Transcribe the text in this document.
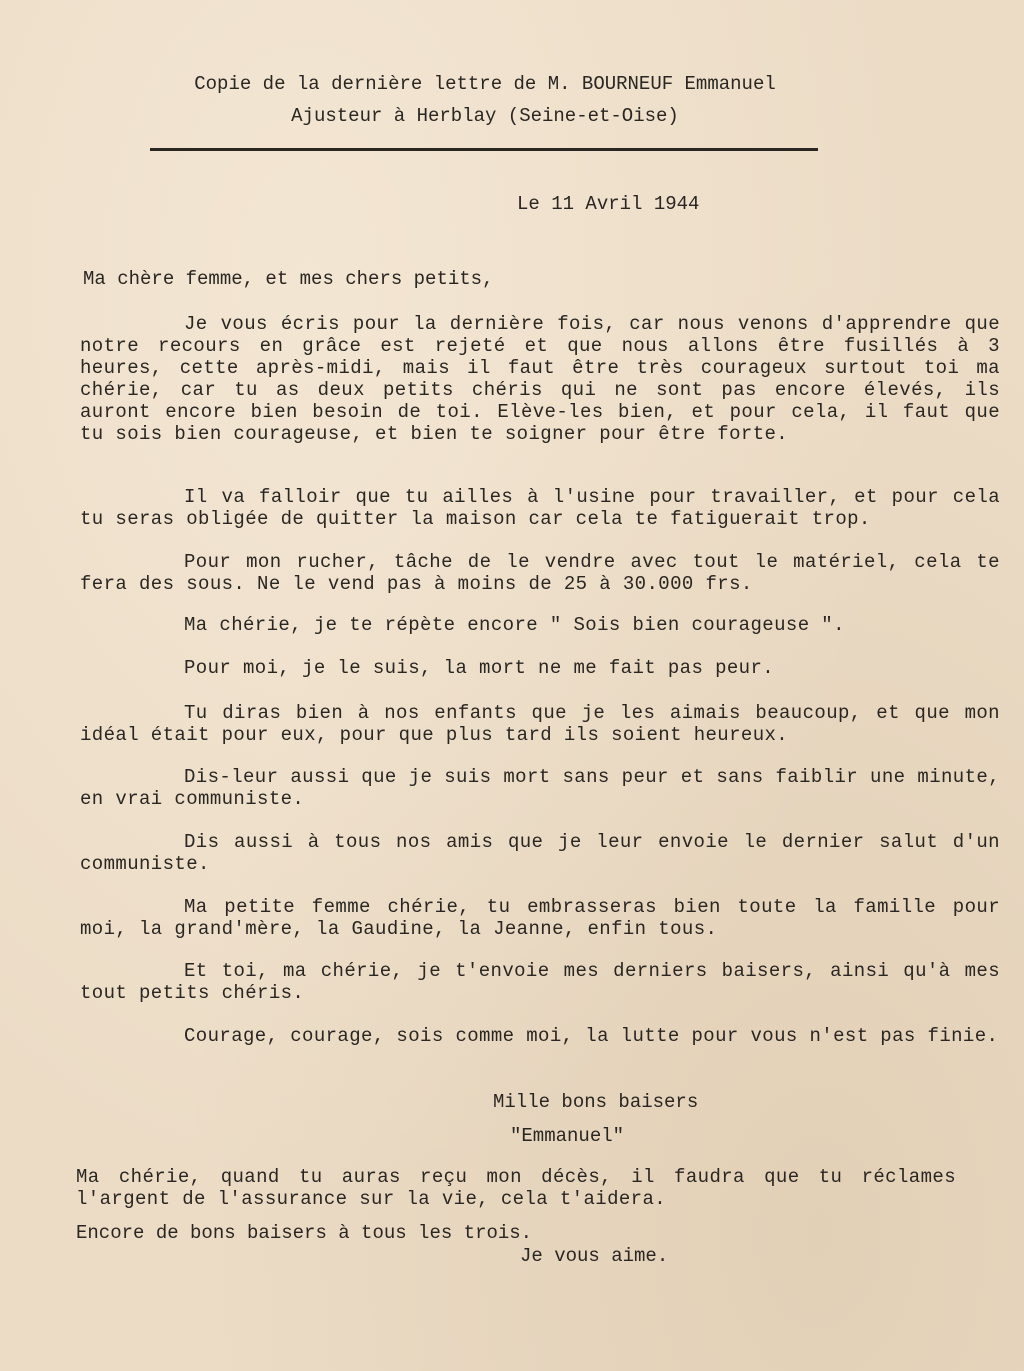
Copie de la dernière lettre de M. BOURNEUF Emmanuel
Ajusteur à Herblay (Seine-et-Oise)
Le 11 Avril 1944
Ma chère femme, et mes chers petits,
Je vous écris pour la dernière fois, car nous venons d'apprendre que notre recours en grâce est rejeté et que nous allons être fusillés à 3 heures, cette après-midi, mais il faut être très courageux surtout toi ma chérie, car tu as deux petits chéris qui ne sont pas encore élevés, ils auront encore bien besoin de toi. Elève-les bien, et pour cela, il faut que tu sois bien courageuse, et bien te soigner pour être forte.
Il va falloir que tu ailles à l'usine pour travailler, et pour cela tu seras obligée de quitter la maison car cela te fatiguerait trop.
Pour mon rucher, tâche de le vendre avec tout le matériel, cela te fera des sous. Ne le vend pas à moins de 25 à 30.000 frs.
Ma chérie, je te répète encore " Sois bien courageuse ".
Pour moi, je le suis, la mort ne me fait pas peur.
Tu diras bien à nos enfants que je les aimais beaucoup, et que mon idéal était pour eux, pour que plus tard ils soient heureux.
Dis-leur aussi que je suis mort sans peur et sans faiblir une minute, en vrai communiste.
Dis aussi à tous nos amis que je leur envoie le dernier salut d'un communiste.
Ma petite femme chérie, tu embrasseras bien toute la famille pour moi, la grand'mère, la Gaudine, la Jeanne, enfin tous.
Et toi, ma chérie, je t'envoie mes derniers baisers, ainsi qu'à mes tout petits chéris.
Courage, courage, sois comme moi, la lutte pour vous n'est pas finie.
Mille bons baisers
"Emmanuel"
Ma chérie, quand tu auras reçu mon décès, il faudra que tu réclames l'argent de l'assurance sur la vie, cela t'aidera.
Encore de bons baisers à tous les trois.
Je vous aime.
